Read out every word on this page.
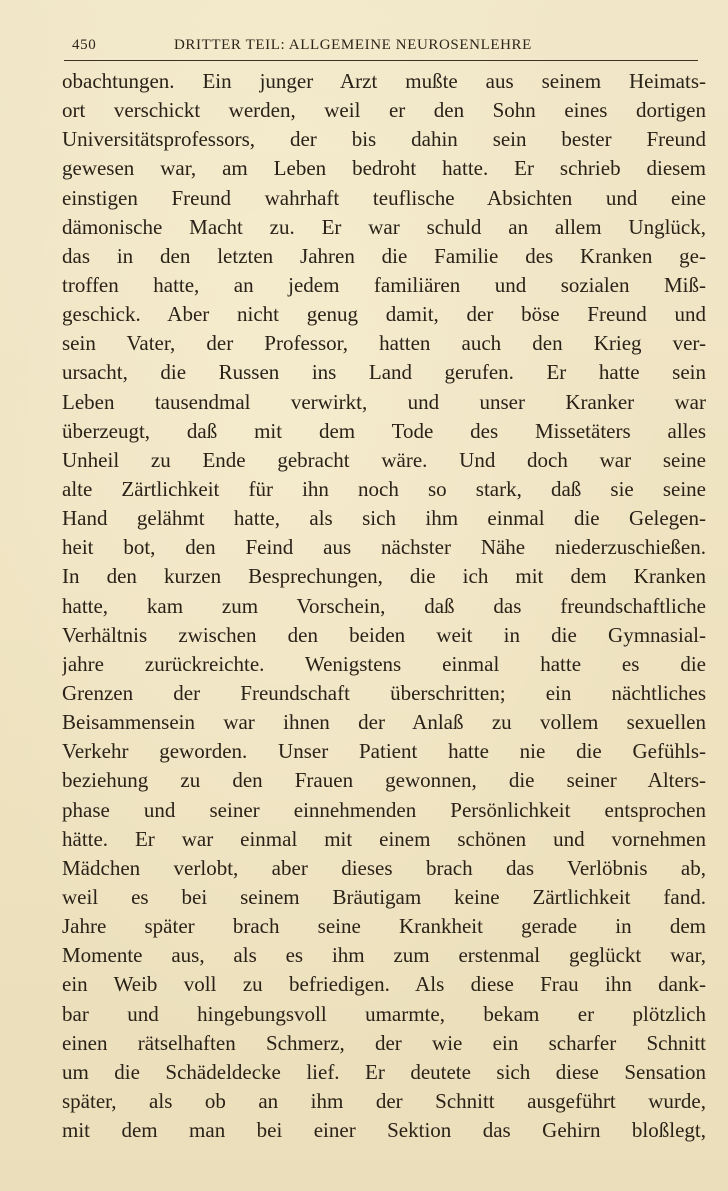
450	DRITTER TEIL: ALLGEMEINE NEUROSENLEHRE
obachtungen. Ein junger Arzt mußte aus seinem Heimats-
ort verschickt werden, weil er den Sohn eines dortigen
Universitätsprofessors, der bis dahin sein bester Freund
gewesen war, am Leben bedroht hatte. Er schrieb diesem
einstigen Freund wahrhaft teuflische Absichten und eine
dämonische Macht zu. Er war schuld an allem Unglück,
das in den letzten Jahren die Familie des Kranken ge-
troffen hatte, an jedem familiären und sozialen Miß-
geschick. Aber nicht genug damit, der böse Freund und
sein Vater, der Professor, hatten auch den Krieg ver-
ursacht, die Russen ins Land gerufen. Er hatte sein
Leben tausendmal verwirkt, und unser Kranker war
überzeugt, daß mit dem Tode des Missetäters alles
Unheil zu Ende gebracht wäre. Und doch war seine
alte Zärtlichkeit für ihn noch so stark, daß sie seine
Hand gelähmt hatte, als sich ihm einmal die Gelegen-
heit bot, den Feind aus nächster Nähe niederzuschießen.
In den kurzen Besprechungen, die ich mit dem Kranken
hatte, kam zum Vorschein, daß das freundschaftliche
Verhältnis zwischen den beiden weit in die Gymnasial-
jahre zurückreichte. Wenigstens einmal hatte es die
Grenzen der Freundschaft überschritten; ein nächtliches
Beisammensein war ihnen der Anlaß zu vollem sexuellen
Verkehr geworden. Unser Patient hatte nie die Gefühls-
beziehung zu den Frauen gewonnen, die seiner Alters-
phase und seiner einnehmenden Persönlichkeit entsprochen
hätte. Er war einmal mit einem schönen und vornehmen
Mädchen verlobt, aber dieses brach das Verlöbnis ab,
weil es bei seinem Bräutigam keine Zärtlichkeit fand.
Jahre später brach seine Krankheit gerade in dem
Momente aus, als es ihm zum erstenmal geglückt war,
ein Weib voll zu befriedigen. Als diese Frau ihn dank-
bar und hingebungsvoll umarmte, bekam er plötzlich
einen rätselhaften Schmerz, der wie ein scharfer Schnitt
um die Schädeldecke lief. Er deutete sich diese Sensation
später, als ob an ihm der Schnitt ausgeführt wurde,
mit dem man bei einer Sektion das Gehirn bloßlegt,
